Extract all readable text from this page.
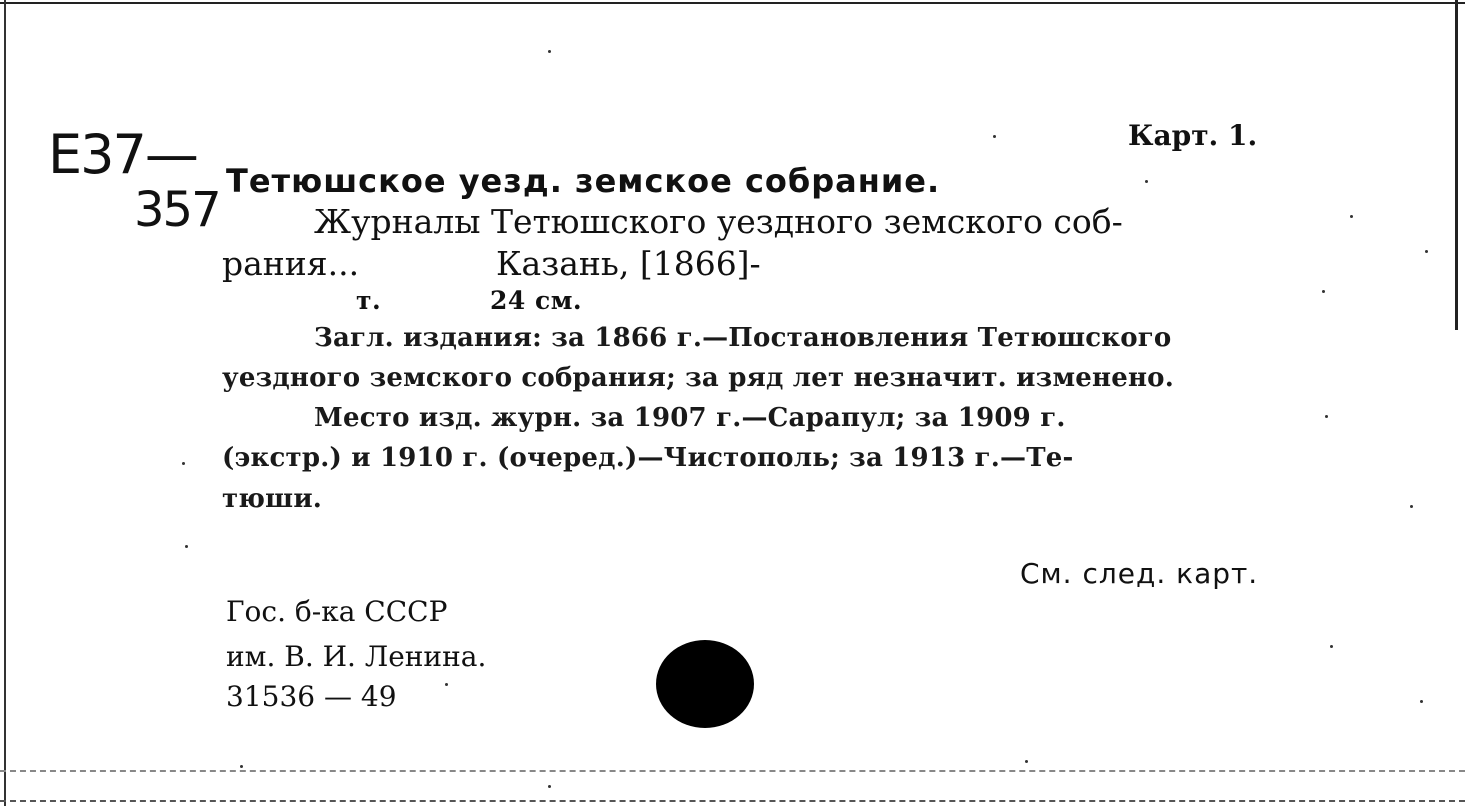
E37—
357
Карт. 1.
Тетюшское уезд. земское собрание.
Журналы Тетюшского уездного земского соб-
рания...	Казань, [1866]-
т.	24 см.
Загл. издания: за 1866 г.—Постановления Тетюшского
уездного земского собрания; за ряд лет незначит. изменено.
Место изд. журн. за 1907 г.—Сарапул; за 1909 г.
(экстр.) и 1910 г. (очеред.)—Чистополь; за 1913 г.—Те-
тюши.
См. след. карт.
Гос. б-ка СССР
им. В. И. Ленина.
31536 — 49
